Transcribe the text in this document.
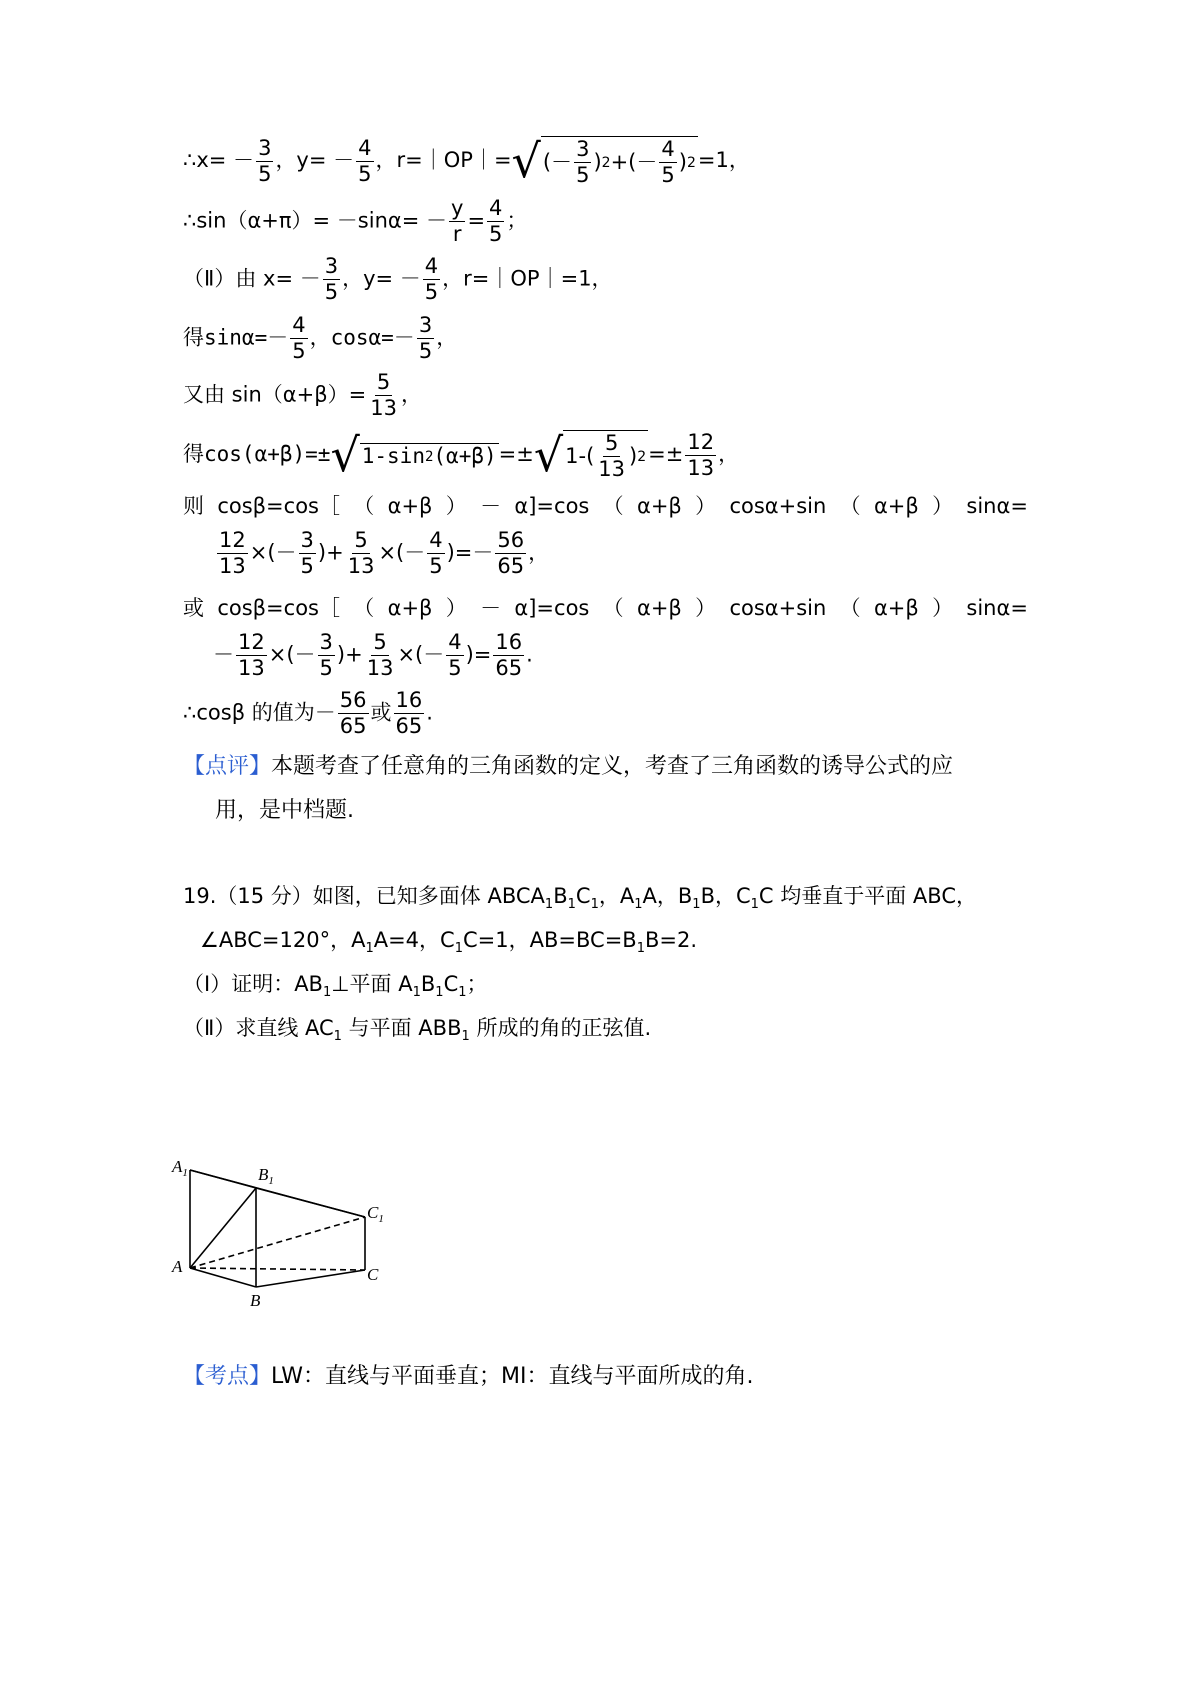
∴x= － $\frac{3}{5}$ ，$y= - \frac{4}{5}$ ，r=｜OP｜= √ (－ $\frac{3}{5}$ ) 2 +(－ $\frac{4}{5}$ ) 2 =1，
∴sin（α+π）= $-\sin\alpha= - \frac{y}{r} = \frac{4}{5}$ ；
（Ⅱ）由 $x= - \frac{3}{5}$ ，$y= - \frac{4}{5}$ ，r=｜OP｜=1，
得$\sin\alpha=- \frac{4}{5}$ ，$\cos\alpha=- \frac{3}{5}$ ，
又由 $\sin(\alpha+\beta)= \frac{5}{13}$ ，
得cos(α+β)=± √ 1-sin 2 (α+β) =± √ $1-( \frac{5}{13}$ ) $2 =\pm \frac{12}{13}$ ，
则 cosβ=cos［ （ α+β ） － α]=cos （ α+β ） cosα+sin （ α+β ） sinα=
$\frac{12}{13}$ ×(－ $\frac{3}{5}$ )+ $\frac{5}{13}$ ×(－ $\frac{4}{5}$ )=－ $\frac{56}{65}$ ，
或 cosβ=cos［ （ α+β ） － α]=cos （ α+β ） cosα+sin （ α+β ） sinα=
－ $\frac{12}{13}$ ×(－ $\frac{3}{5}$ )+ $\frac{5}{13}$ ×(－ $\frac{4}{5}$ )= $\frac{16}{65}$ .
∴cosβ 的值为－ $\frac{56}{65}$ 或 $\frac{16}{65}$ .
【点评】本题考查了任意角的三角函数的定义，考查了三角函数的诱导公式的应
用，是中档题.
19.（15 分）如图，已知多面体 $ABCA_1B_1C_1$，$A_1A$，$B_1B$，$C_1C$ 均垂直于平面 ABC，
∠ABC=120°，$A_1A=4$，$C_1C=1$，$AB=BC=B_1B=2$.
（Ⅰ）证明：$AB_1\perp$平面 $A_1B_1C_1$；
（Ⅱ）求直线 $AC_1$ 与平面 $ABB_1$ 所成的角的正弦值.
$A_1$	$B_1$
$C_1$
A
B
C
【考点】LW：直线与平面垂直；MI：直线与平面所成的角.
